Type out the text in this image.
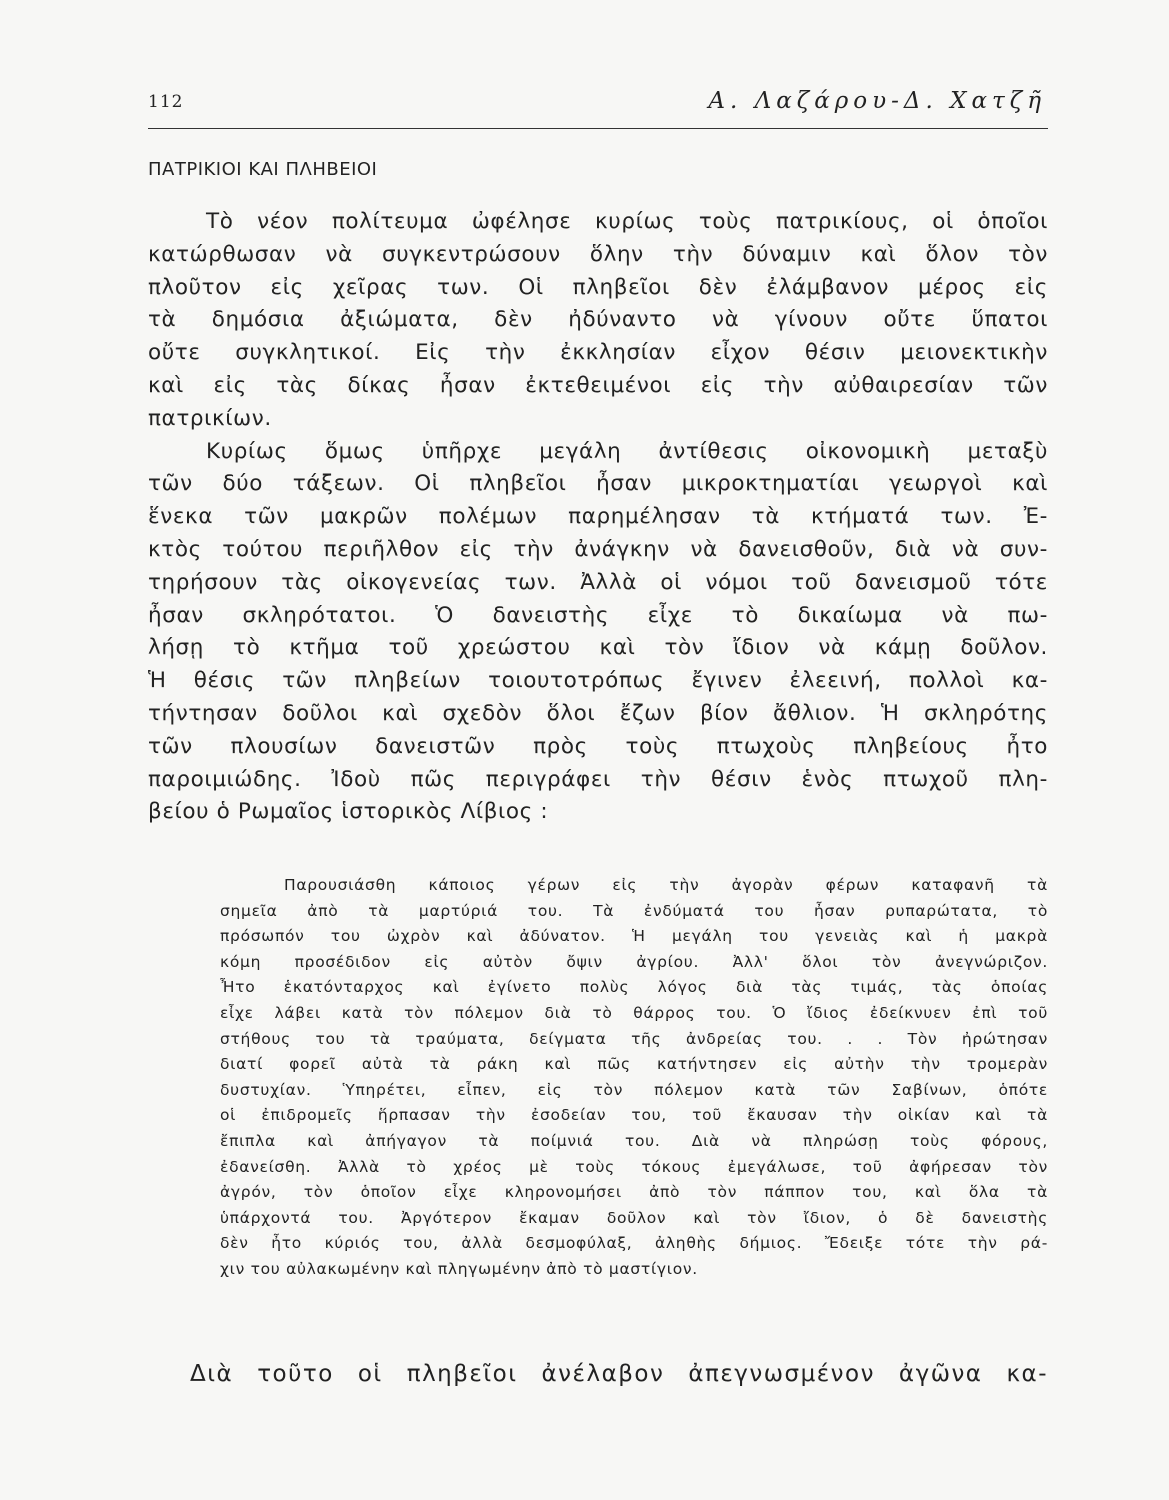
112	Α. Λαζάρου-Δ. Χατζῆ
ΠΑΤΡΙΚΙΟΙ ΚΑΙ ΠΛΗΒΕΙΟΙ
Τὸ νέον πολίτευμα ὠφέλησε κυρίως τοὺς πατρικίους, οἱ ὁποῖοι
κατώρθωσαν νὰ συγκεντρώσουν ὅλην τὴν δύναμιν καὶ ὅλον τὸν
πλοῦτον εἰς χεῖρας των. Οἱ πληβεῖοι δὲν ἐλάμβανον μέρος εἰς
τὰ δημόσια ἀξιώματα, δὲν ἠδύναντο νὰ γίνουν οὔτε ὕπατοι
οὔτε συγκλητικοί. Εἰς τὴν ἐκκλησίαν εἶχον θέσιν μειονεκτικὴν
καὶ εἰς τὰς δίκας ἦσαν ἐκτεθειμένοι εἰς τὴν αὐθαιρεσίαν τῶν
πατρικίων.
Κυρίως ὅμως ὑπῆρχε μεγάλη ἀντίθεσις οἰκονομικὴ μεταξὺ
τῶν δύο τάξεων. Οἱ πληβεῖοι ἦσαν μικροκτηματίαι γεωργοὶ καὶ
ἕνεκα τῶν μακρῶν πολέμων παρημέλησαν τὰ κτήματά των. Ἐ-
κτὸς τούτου περιῆλθον εἰς τὴν ἀνάγκην νὰ δανεισθοῦν, διὰ νὰ συν-
τηρήσουν τὰς οἰκογενείας των. Ἀλλὰ οἱ νόμοι τοῦ δανεισμοῦ τότε
ἦσαν σκληρότατοι. Ὁ δανειστὴς εἶχε τὸ δικαίωμα νὰ πω-
λήσῃ τὸ κτῆμα τοῦ χρεώστου καὶ τὸν ἴδιον νὰ κάμῃ δοῦλον.
Ἡ θέσις τῶν πληβείων τοιουτοτρόπως ἔγινεν ἐλεεινή, πολλοὶ κα-
τήντησαν δοῦλοι καὶ σχεδὸν ὅλοι ἔζων βίον ἄθλιον. Ἡ σκληρότης
τῶν πλουσίων δανειστῶν πρὸς τοὺς πτωχοὺς πληβείους ἦτο
παροιμιώδης. Ἰδοὺ πῶς περιγράφει τὴν θέσιν ἑνὸς πτωχοῦ πλη-
βείου ὁ Ρωμαῖος ἱστορικὸς Λίβιος :
Παρουσιάσθη κάποιος γέρων εἰς τὴν ἀγορὰν φέρων καταφανῆ τὰ
σημεῖα ἀπὸ τὰ μαρτύριά του. Τὰ ἐνδύματά του ἦσαν ρυπαρώτατα, τὸ
πρόσωπόν του ὠχρὸν καὶ ἀδύνατον. Ἡ μεγάλη του γενειὰς καὶ ἡ μακρὰ
κόμη προσέδιδον εἰς αὐτὸν ὄψιν ἀγρίου. Ἀλλ' ὅλοι τὸν ἀνεγνώριζον.
Ἦτο ἑκατόνταρχος καὶ ἐγίνετο πολὺς λόγος διὰ τὰς τιμάς, τὰς ὁποίας
εἶχε λάβει κατὰ τὸν πόλεμον διὰ τὸ θάρρος του. Ὁ ἴδιος ἐδείκνυεν ἐπὶ τοῦ
στήθους του τὰ τραύματα, δείγματα τῆς ἀνδρείας του. . . Τὸν ἠρώτησαν
διατί φορεῖ αὐτὰ τὰ ράκη καὶ πῶς κατήντησεν εἰς αὐτὴν τὴν τρομερὰν
δυστυχίαν. Ὑπηρέτει, εἶπεν, εἰς τὸν πόλεμον κατὰ τῶν Σαβίνων, ὁπότε
οἱ ἐπιδρομεῖς ἥρπασαν τὴν ἐσοδείαν του, τοῦ ἔκαυσαν τὴν οἰκίαν καὶ τὰ
ἔπιπλα καὶ ἀπήγαγον τὰ ποίμνιά του. Διὰ νὰ πληρώσῃ τοὺς φόρους,
ἐδανείσθη. Ἀλλὰ τὸ χρέος μὲ τοὺς τόκους ἐμεγάλωσε, τοῦ ἀφήρεσαν τὸν
ἀγρόν, τὸν ὁποῖον εἶχε κληρονομήσει ἀπὸ τὸν πάππον του, καὶ ὅλα τὰ
ὑπάρχοντά του. Ἀργότερον ἔκαμαν δοῦλον καὶ τὸν ἴδιον, ὁ δὲ δανειστὴς
δὲν ἦτο κύριός του, ἀλλὰ δεσμοφύλαξ, ἀληθὴς δήμιος. Ἔδειξε τότε τὴν ρά-
χιν του αὐλακωμένην καὶ πληγωμένην ἀπὸ τὸ μαστίγιον.
Διὰ τοῦτο οἱ πληβεῖοι ἀνέλαβον ἀπεγνωσμένον ἀγῶνα κα-
